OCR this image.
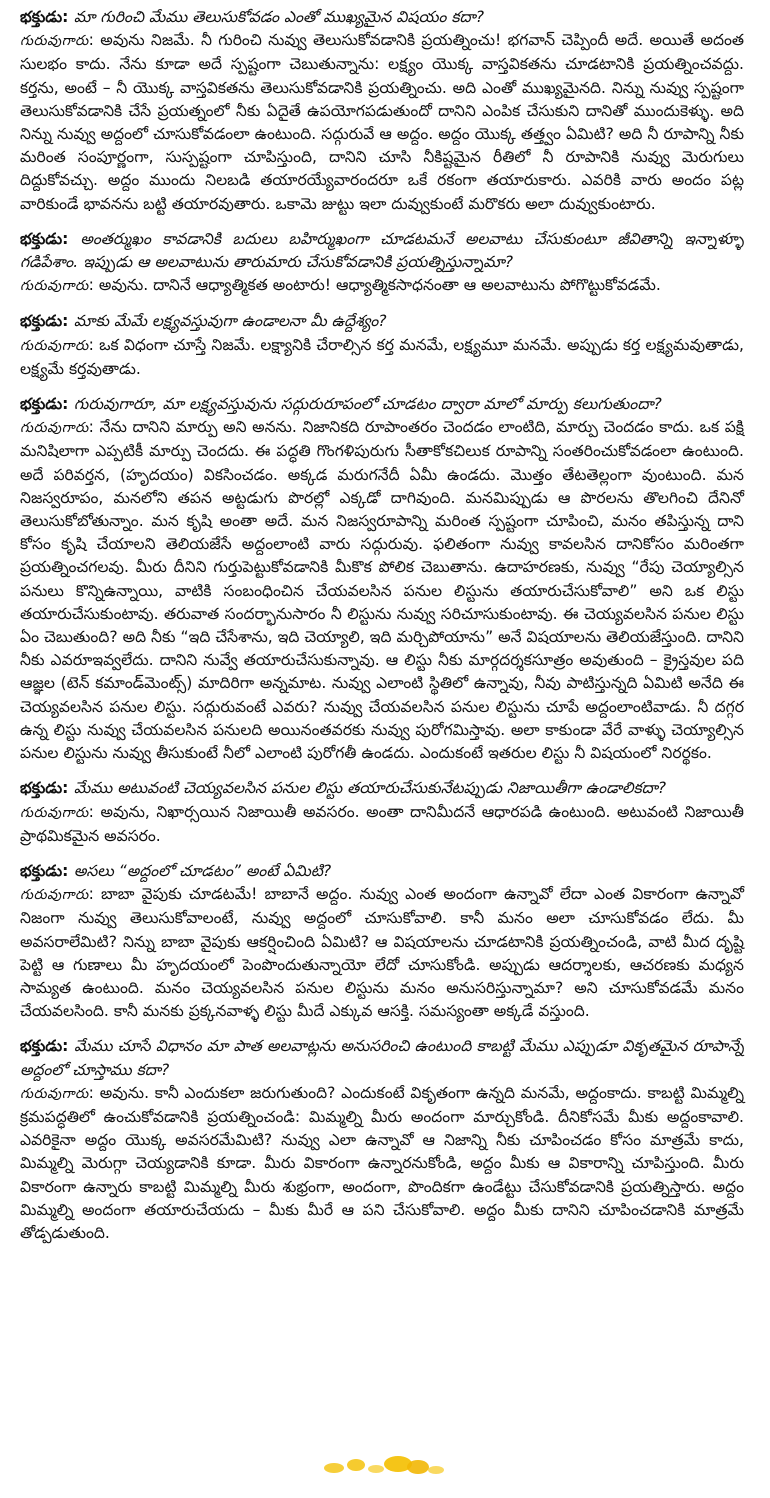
భక్తుడు: మా గురించి మేము తెలుసుకోవడం ఎంతో ముఖ్యమైన విషయం కదా?

గురువుగారు: అవును నిజమే. నీ గురించి నువ్వు తెలుసుకోవడానికి ప్రయత్నించు! భగవాన్ చెప్పిందీ అదే. అయితే అదంత సులభం కాదు. నేను కూడా అదే స్పష్టంగా చెబుతున్నాను: లక్ష్యం యొక్క వాస్తవికతను చూడటానికి ప్రయత్నించవద్దు. కర్తను, అంటే – నీ యొక్క వాస్తవికతను తెలుసుకోవడానికి ప్రయత్నించు. అది ఎంతో ముఖ్యమైనది. నిన్ను నువ్వు స్పష్టంగా తెలుసుకోవడానికి చేసే ప్రయత్నంలో నీకు ఏదైతే ఉపయోగపడుతుందో దానిని ఎంపిక చేసుకుని దానితో ముందుకెళ్ళు. అది నిన్ను నువ్వు అద్దంలో చూసుకోవడంలా ఉంటుంది. సద్గురువే ఆ అద్దం. అద్దం యొక్క తత్త్వం ఏమిటి? అది నీ రూపాన్ని నీకు మరింత సంపూర్ణంగా, సుస్పష్టంగా చూపిస్తుంది, దానిని చూసి నీకిష్టమైన రీతిలో నీ రూపానికి నువ్వు మెరుగులు దిద్దుకోవచ్చు. అద్దం ముందు నిలబడి తయారయ్యేవారందరూ ఒకే రకంగా తయారుకారు. ఎవరికి వారు అందం పట్ల వారికుండే భావనను బట్టి తయారవుతారు. ఒకామె జుట్టు ఇలా దువ్వుకుంటే మరొకరు అలా దువ్వుకుంటారు.

భక్తుడు: అంతర్ముఖం కావడానికి బదులు బహిర్ముఖంగా చూడటమనే అలవాటు చేసుకుంటూ జీవితాన్ని ఇన్నాళ్ళూ గడిపేశాం. ఇప్పుడు ఆ అలవాటును తారుమారు చేసుకోవడానికి ప్రయత్నిస్తున్నామా?

గురువుగారు: అవును. దానినే ఆధ్యాత్మికత అంటారు! ఆధ్యాత్మికసాధనంతా ఆ అలవాటును పోగొట్టుకోవడమే.

భక్తుడు: మాకు మేమే లక్ష్యవస్తువుగా ఉండాలనా మీ ఉద్దేశ్యం?

గురువుగారు: ఒక విధంగా చూస్తే నిజమే. లక్ష్యానికి చేరాల్సిన కర్త మనమే, లక్ష్యమూ మనమే. అప్పుడు కర్త లక్ష్యమవుతాడు, లక్ష్యమే కర్తవుతాడు.

భక్తుడు: గురువుగారూ, మా లక్ష్యవస్తువును సద్గురురూపంలో చూడటం ద్వారా మాలో మార్పు కలుగుతుందా?

గురువుగారు: నేను దానిని మార్పు అని అనను. నిజానికది రూపాంతరం చెందడం లాంటిది, మార్పు చెందడం కాదు. ఒక పక్షి మనిషిలాగా ఎప్పటికీ మార్పు చెందదు. ఈ పద్ధతి గొంగళిపురుగు సీతాకోకచిలుక రూపాన్ని సంతరించుకోవడంలా ఉంటుంది. అదే పరివర్తన, (హృదయం) వికసించడం. అక్కడ మరుగనేదీ ఏమీ ఉండదు. మొత్తం తేటతెల్లంగా వుంటుంది. మన నిజస్వరూపం, మనలోని తపన అట్టడుగు పొరల్లో ఎక్కడో దాగివుంది. మనమిప్పుడు ఆ పొరలను తొలగించి దేనినో తెలుసుకోబోతున్నాం. మన కృషి అంతా అదే. మన నిజస్వరూపాన్ని మరింత స్పష్టంగా చూపించి, మనం తపిస్తున్న దాని కోసం కృషి చేయాలని తెలియజేసే అద్దంలాంటి వారు సద్గురువు. ఫలితంగా నువ్వు కావలసిన దానికోసం మరింతగా ప్రయత్నించగలవు. మీరు దీనిని గుర్తుపెట్టుకోవడానికి మీకొక పోలిక చెబుతాను. ఉదాహరణకు, నువ్వు “రేపు చెయ్యాల్సిన పనులు కొన్నిఉన్నాయి, వాటికి సంబంధించిన చేయవలసిన పనుల లిస్టును తయారుచేసుకోవాలి” అని ఒక లిస్టు తయారుచేసుకుంటావు. తరువాత సందర్భానుసారం నీ లిస్టును నువ్వు సరిచూసుకుంటావు. ఈ చెయ్యవలసిన పనుల లిస్టు ఏం చెబుతుంది? అది నీకు “ఇది చేసేశాను, ఇది చెయ్యాలి, ఇది మర్చిపోయాను” అనే విషయాలను తెలియజేస్తుంది. దానిని నీకు ఎవరూఇవ్వలేదు. దానిని నువ్వే తయారుచేసుకున్నావు. ఆ లిస్టు నీకు మార్గదర్శకసూత్రం అవుతుంది – క్రైస్తవుల పది ఆజ్ఞల (టెన్ కమాండ్‌మెంట్స్) మాదిరిగా అన్నమాట. నువ్వు ఎలాంటి స్థితిలో ఉన్నావు, నీవు పాటిస్తున్నది ఏమిటి అనేది ఈ చెయ్యవలసిన పనుల లిస్టు. సద్గురువంటే ఎవరు? నువ్వు చేయవలసిన పనుల లిస్టును చూపే అద్దంలాంటివాడు. నీ దగ్గర ఉన్న లిస్టు నువ్వు చేయవలసిన పనులది అయినంతవరకు నువ్వు పురోగమిస్తావు. అలా కాకుండా వేరే వాళ్ళు చెయ్యాల్సిన పనుల లిస్టును నువ్వు తీసుకుంటే నీలో ఎలాంటి పురోగతీ ఉండదు. ఎందుకంటే ఇతరుల లిస్టు నీ విషయంలో నిరర్థకం.

భక్తుడు: మేము అటువంటి చెయ్యవలసిన పనుల లిస్టు తయారుచేసుకునేటప్పుడు నిజాయితీగా ఉండాలికదా?

గురువుగారు: అవును, నిఖార్సయిన నిజాయితీ అవసరం. అంతా దానిమీదనే ఆధారపడి ఉంటుంది. అటువంటి నిజాయితీ ప్రాథమికమైన అవసరం.

భక్తుడు: అసలు “అద్దంలో చూడటం” అంటే ఏమిటి?

గురువుగారు: బాబా వైపుకు చూడటమే! బాబానే అద్దం. నువ్వు ఎంత అందంగా ఉన్నావో లేదా ఎంత వికారంగా ఉన్నావో నిజంగా నువ్వు తెలుసుకోవాలంటే, నువ్వు అద్దంలో చూసుకోవాలి. కానీ మనం అలా చూసుకోవడం లేదు. మీ అవసరాలేమిటి? నిన్ను బాబా వైపుకు ఆకర్షించింది ఏమిటి? ఆ విషయాలను చూడటానికి ప్రయత్నించండి, వాటి మీద దృష్టి పెట్టి ఆ గుణాలు మీ హృదయంలో పెంపొందుతున్నాయో లేదో చూసుకోండి. అప్పుడు ఆదర్శాలకు, ఆచరణకు మధ్యన సామ్యత ఉంటుంది. మనం చెయ్యవలసిన పనుల లిస్టును మనం అనుసరిస్తున్నామా? అని చూసుకోవడమే మనం చేయవలసింది. కానీ మనకు ప్రక్కనవాళ్ళ లిస్టు మీదే ఎక్కువ ఆసక్తి. సమస్యంతా అక్కడే వస్తుంది.

భక్తుడు: మేము చూసే విధానం మా పాత అలవాట్లను అనుసరించి ఉంటుంది కాబట్టి మేము ఎప్పుడూ వికృతమైన రూపాన్నే అద్దంలో చూస్తాము కదా?

గురువుగారు: అవును. కానీ ఎందుకలా జరుగుతుంది? ఎందుకంటే వికృతంగా ఉన్నది మనమే, అద్దంకాదు. కాబట్టి మిమ్మల్ని క్రమపద్ధతిలో ఉంచుకోవడానికి ప్రయత్నించండి: మిమ్మల్ని మీరు అందంగా మార్చుకోండి. దీనికోసమే మీకు అద్దంకావాలి. ఎవరికైనా అద్దం యొక్క అవసరమేమిటి? నువ్వు ఎలా ఉన్నావో ఆ నిజాన్ని నీకు చూపించడం కోసం మాత్రమే కాదు, మిమ్మల్ని మెరుగ్గా చెయ్యడానికి కూడా. మీరు వికారంగా ఉన్నారనుకోండి, అద్దం మీకు ఆ వికారాన్ని చూపిస్తుంది. మీరు వికారంగా ఉన్నారు కాబట్టి మిమ్మల్ని మీరు శుభ్రంగా, అందంగా, పొందికగా ఉండేట్టు చేసుకోవడానికి ప్రయత్నిస్తారు. అద్దం మిమ్మల్ని అందంగా తయారుచేయదు – మీకు మీరే ఆ పని చేసుకోవాలి. అద్దం మీకు దానిని చూపించడానికి మాత్రమే తోడ్పడుతుంది.
